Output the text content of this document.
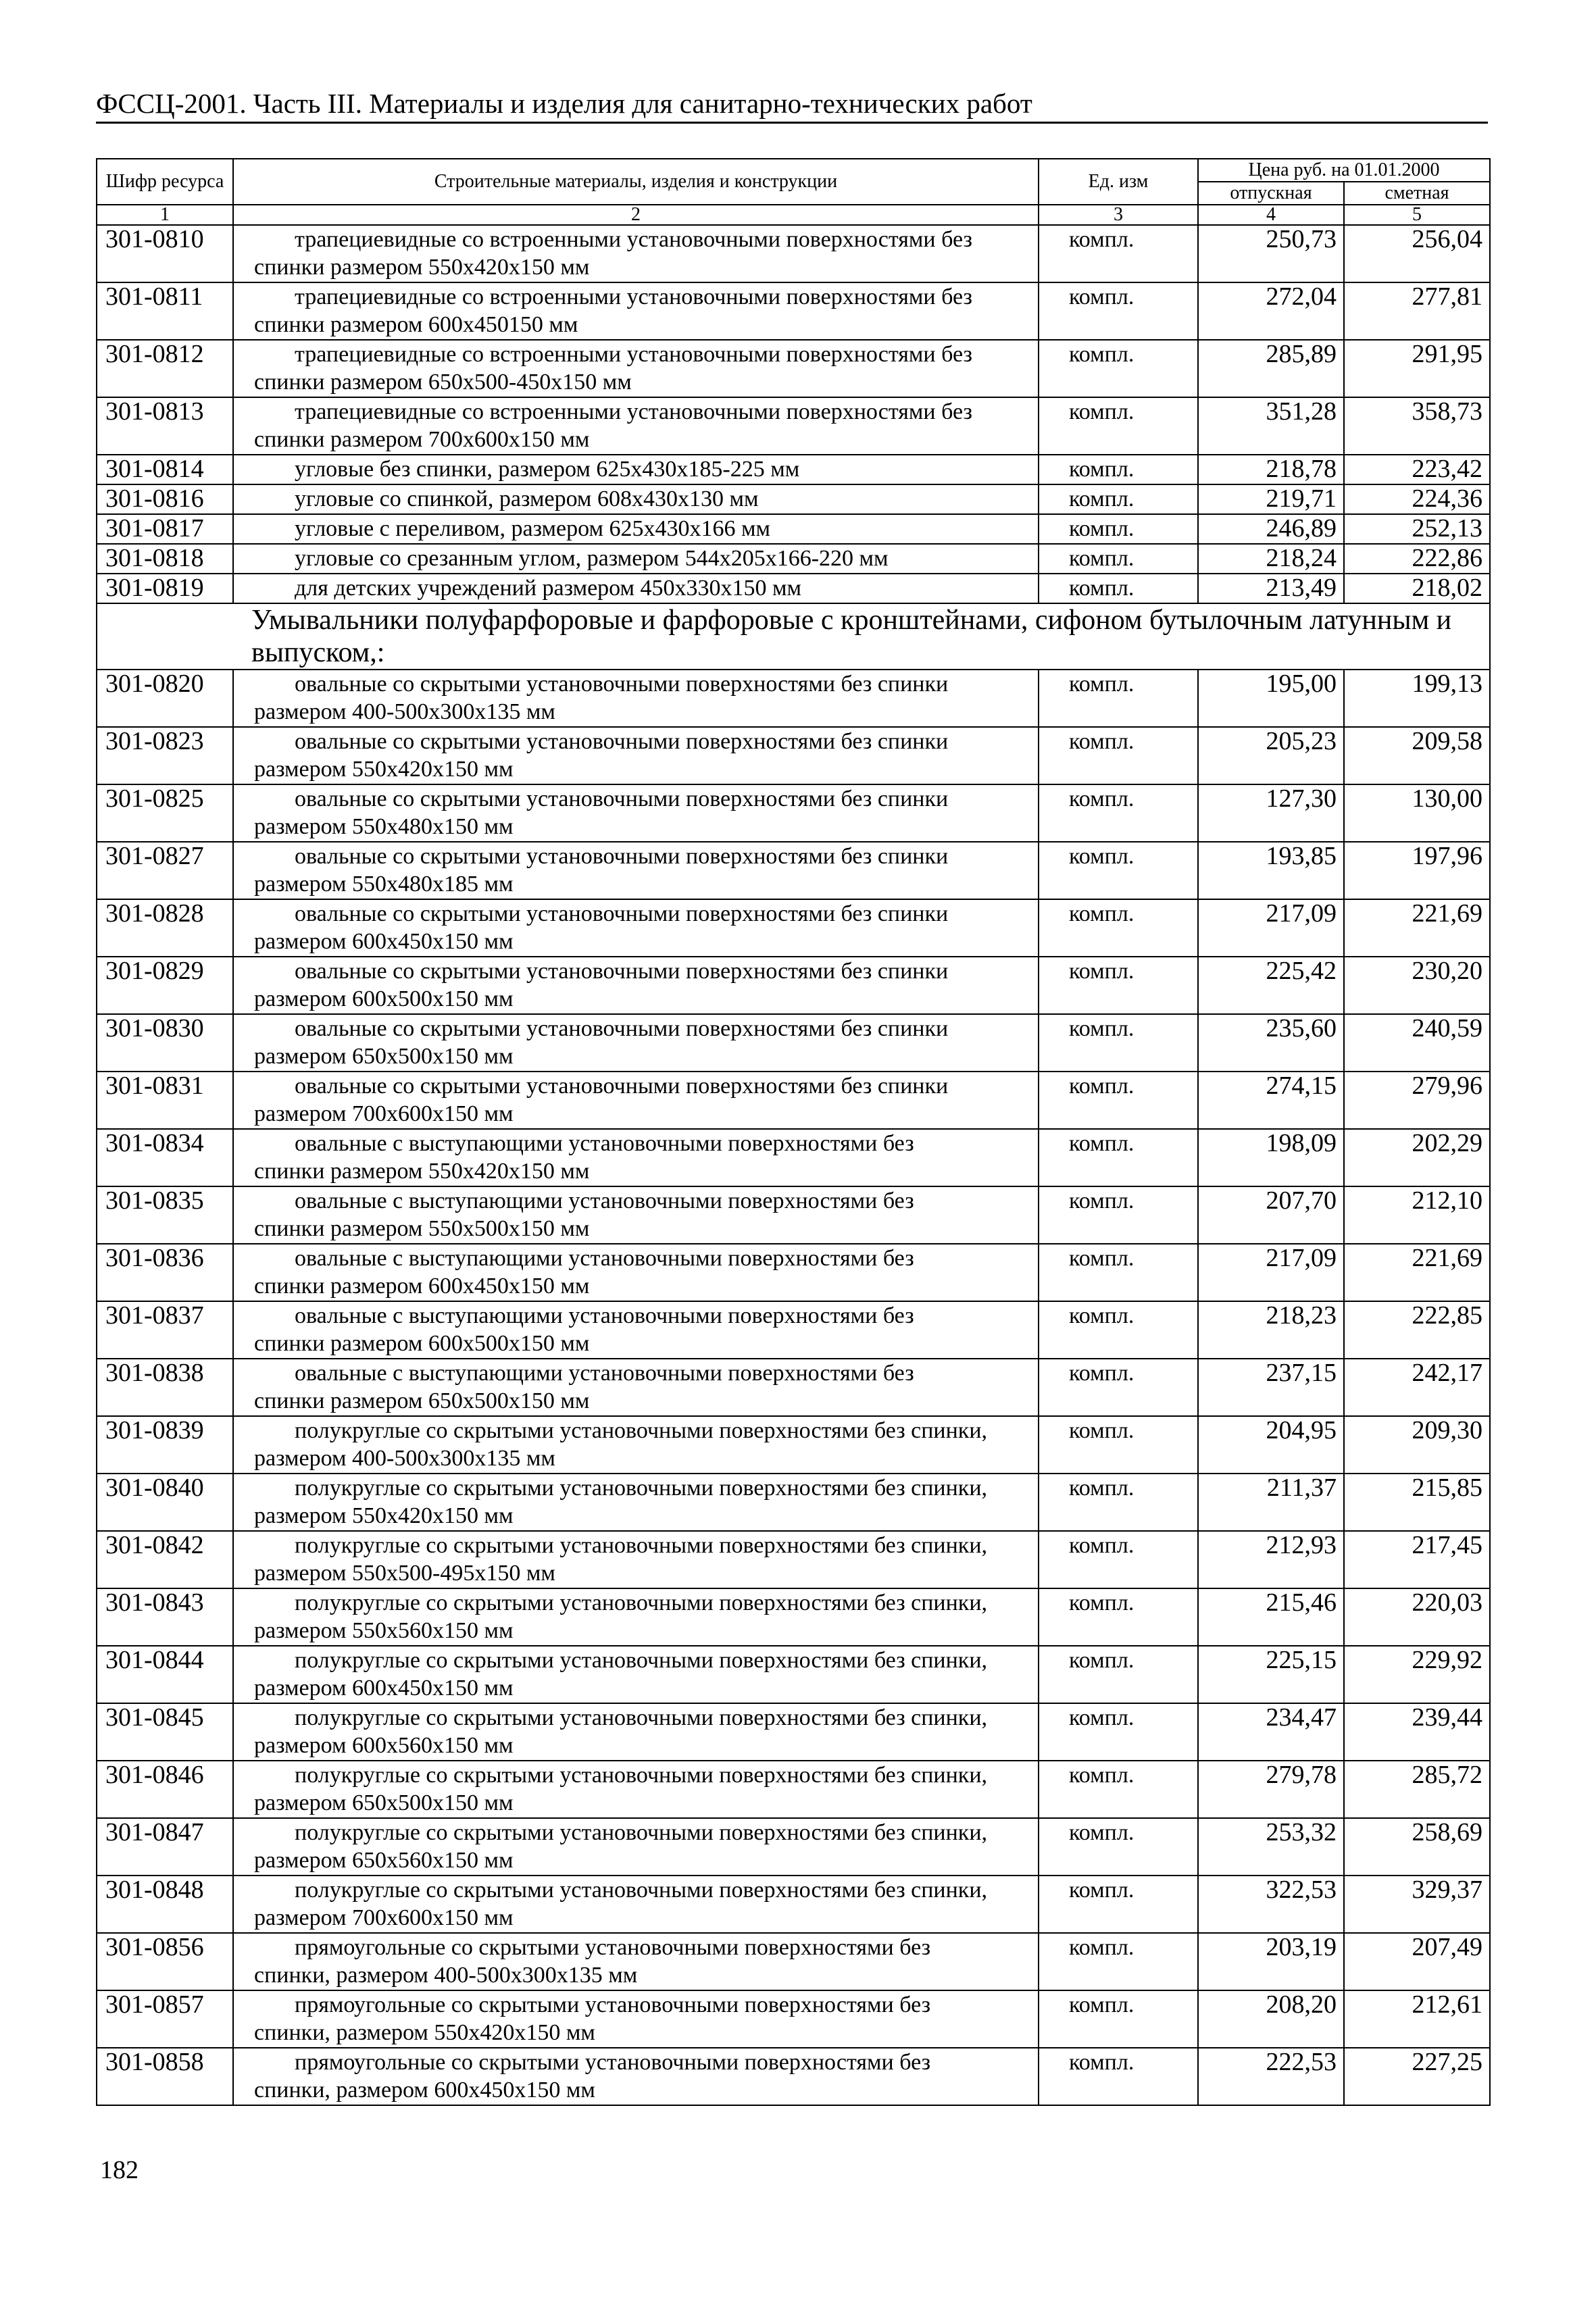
ФССЦ-2001. Часть III. Материалы и изделия для санитарно-технических работ
Шифр ресурса	Строительные материалы, изделия и конструкции	Ед. изм	Цена руб. на 01.01.2000	
			отпускная	сметная
1	2	3	4	5
301-0810	трапециевидные со встроенными установочными поверхностями без
спинки размером 550х420х150 мм	компл.	250,73	256,04
301-0811	трапециевидные со встроенными установочными поверхностями без
спинки размером 600х450150 мм	компл.	272,04	277,81
301-0812	трапециевидные со встроенными установочными поверхностями без
спинки размером 650х500-450х150 мм	компл.	285,89	291,95
301-0813	трапециевидные со встроенными установочными поверхностями без
спинки размером 700х600х150 мм	компл.	351,28	358,73
301-0814	угловые без спинки, размером 625х430х185-225 мм	компл.	218,78	223,42
301-0816	угловые со спинкой, размером 608х430х130 мм	компл.	219,71	224,36
301-0817	угловые с переливом, размером 625х430х166 мм	компл.	246,89	252,13
301-0818	угловые со срезанным углом, размером 544х205х166-220 мм	компл.	218,24	222,86
301-0819	для детских учреждений размером 450х330х150 мм	компл.	213,49	218,02
Умывальники полуфарфоровые и фарфоровые с кронштейнами, сифоном бутылочным латунным и выпуском,:				
301-0820	овальные со скрытыми установочными поверхностями без спинки
размером 400-500х300х135 мм	компл.	195,00	199,13
301-0823	овальные со скрытыми установочными поверхностями без спинки
размером 550х420х150 мм	компл.	205,23	209,58
301-0825	овальные со скрытыми установочными поверхностями без спинки
размером 550х480х150 мм	компл.	127,30	130,00
301-0827	овальные со скрытыми установочными поверхностями без спинки
размером 550х480х185 мм	компл.	193,85	197,96
301-0828	овальные со скрытыми установочными поверхностями без спинки
размером 600х450х150 мм	компл.	217,09	221,69
301-0829	овальные со скрытыми установочными поверхностями без спинки
размером 600х500х150 мм	компл.	225,42	230,20
301-0830	овальные со скрытыми установочными поверхностями без спинки
размером 650х500х150 мм	компл.	235,60	240,59
301-0831	овальные со скрытыми установочными поверхностями без спинки
размером 700х600х150 мм	компл.	274,15	279,96
301-0834	овальные с выступающими установочными поверхностями без
спинки размером 550х420х150 мм	компл.	198,09	202,29
301-0835	овальные с выступающими установочными поверхностями без
спинки размером 550х500х150 мм	компл.	207,70	212,10
301-0836	овальные с выступающими установочными поверхностями без
спинки размером 600х450х150 мм	компл.	217,09	221,69
301-0837	овальные с выступающими установочными поверхностями без
спинки размером 600х500х150 мм	компл.	218,23	222,85
301-0838	овальные с выступающими установочными поверхностями без
спинки размером 650х500х150 мм	компл.	237,15	242,17
301-0839	полукруглые со скрытыми установочными поверхностями без спинки,
размером 400-500х300х135 мм	компл.	204,95	209,30
301-0840	полукруглые со скрытыми установочными поверхностями без спинки,
размером 550х420х150 мм	компл.	211,37	215,85
301-0842	полукруглые со скрытыми установочными поверхностями без спинки,
размером 550х500-495х150 мм	компл.	212,93	217,45
301-0843	полукруглые со скрытыми установочными поверхностями без спинки,
размером 550х560х150 мм	компл.	215,46	220,03
301-0844	полукруглые со скрытыми установочными поверхностями без спинки,
размером 600х450х150 мм	компл.	225,15	229,92
301-0845	полукруглые со скрытыми установочными поверхностями без спинки,
размером 600х560х150 мм	компл.	234,47	239,44
301-0846	полукруглые со скрытыми установочными поверхностями без спинки,
размером 650х500х150 мм	компл.	279,78	285,72
301-0847	полукруглые со скрытыми установочными поверхностями без спинки,
размером 650х560х150 мм	компл.	253,32	258,69
301-0848	полукруглые со скрытыми установочными поверхностями без спинки,
размером 700х600х150 мм	компл.	322,53	329,37
301-0856	прямоугольные со скрытыми установочными поверхностями без
спинки, размером 400-500х300х135 мм	компл.	203,19	207,49
301-0857	прямоугольные со скрытыми установочными поверхностями без
спинки, размером 550х420х150 мм	компл.	208,20	212,61
301-0858	прямоугольные со скрытыми установочными поверхностями без
спинки, размером 600х450х150 мм	компл.	222,53	227,25
182
